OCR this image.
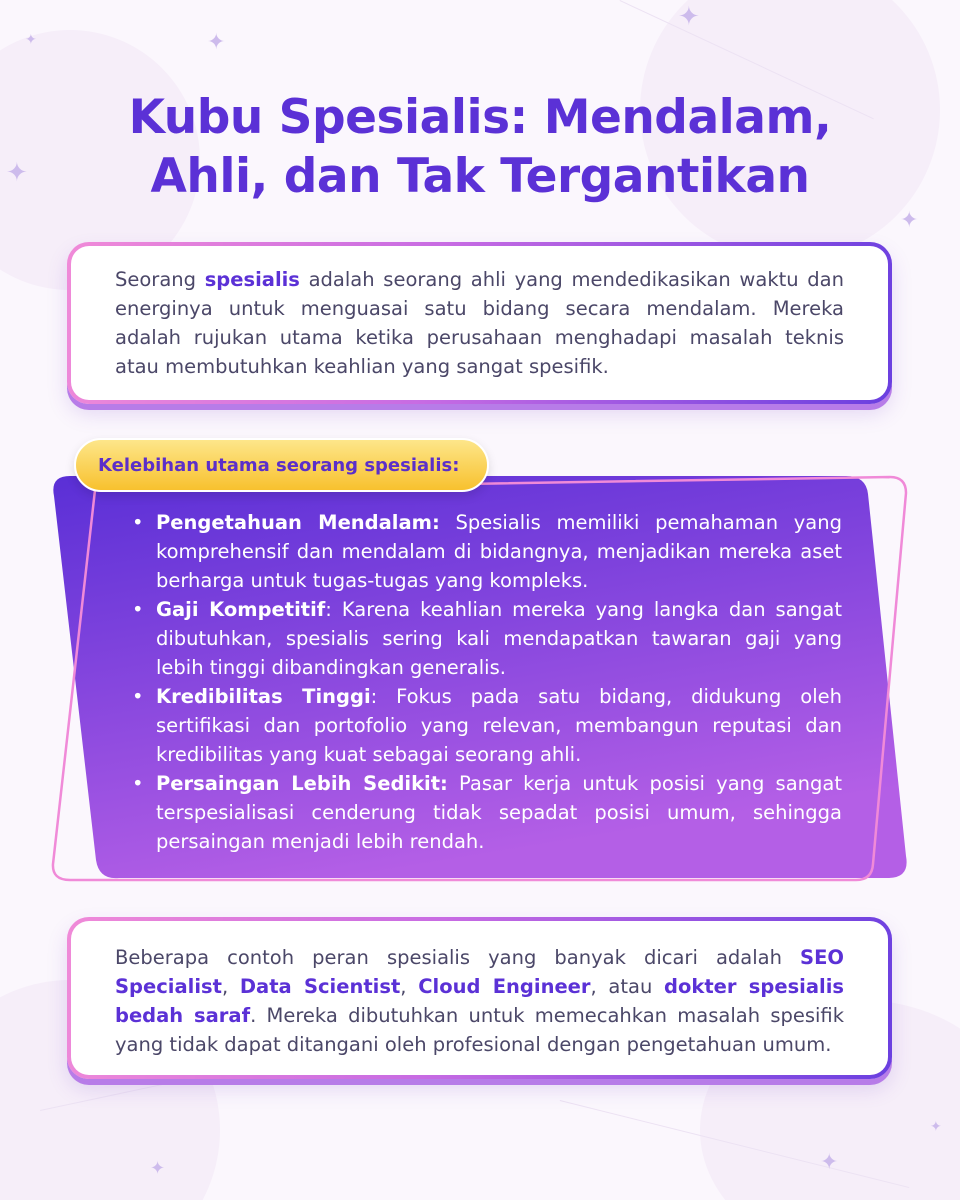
✦
✦
✦
✦
✦
✦
✦
✦
Kubu Spesialis: Mendalam,
Ahli, dan Tak Tergantikan

Seorang spesialis adalah seorang ahli yang mendedikasikan waktu dan energinya untuk menguasai satu bidang secara mendalam. Mereka adalah rujukan utama ketika perusahaan menghadapi masalah teknis atau membutuhkan keahlian yang sangat spesifik.

Kelebihan utama seorang spesialis:
• Pengetahuan Mendalam: Spesialis memiliki pemahaman yang komprehensif dan mendalam di bidangnya, menjadikan mereka aset berharga untuk tugas-tugas yang kompleks.
• Gaji Kompetitif: Karena keahlian mereka yang langka dan sangat dibutuhkan, spesialis sering kali mendapatkan tawaran gaji yang lebih tinggi dibandingkan generalis.
• Kredibilitas Tinggi: Fokus pada satu bidang, didukung oleh sertifikasi dan portofolio yang relevan, membangun reputasi dan kredibilitas yang kuat sebagai seorang ahli.
• Persaingan Lebih Sedikit: Pasar kerja untuk posisi yang sangat terspesialisasi cenderung tidak sepadat posisi umum, sehingga persaingan menjadi lebih rendah.

Beberapa contoh peran spesialis yang banyak dicari adalah SEO Specialist, Data Scientist, Cloud Engineer, atau dokter spesialis bedah saraf. Mereka dibutuhkan untuk memecahkan masalah spesifik yang tidak dapat ditangani oleh profesional dengan pengetahuan umum.
